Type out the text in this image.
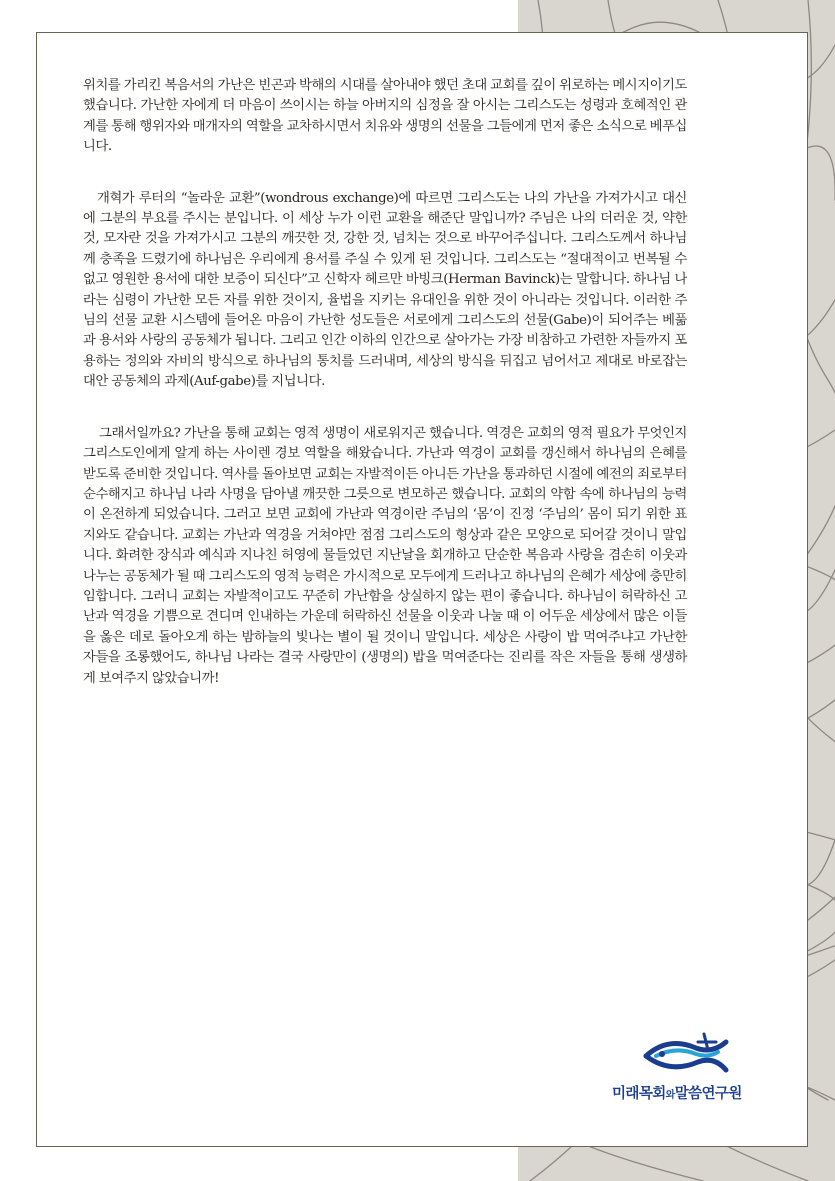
위치를 가리킨 복음서의 가난은 빈곤과 박해의 시대를 살아내야 했던 초대 교회를 깊이 위로하는 메시지이기도 했습니다. 가난한 자에게 더 마음이 쓰이시는 하늘 아버지의 심정을 잘 아시는 그리스도는 성령과 호혜적인 관계를 통해 행위자와 매개자의 역할을 교차하시면서 치유와 생명의 선물을 그들에게 먼저 좋은 소식으로 베푸십니다.

개혁가 루터의 “놀라운 교환”(wondrous exchange)에 따르면 그리스도는 나의 가난을 가져가시고 대신에 그분의 부요를 주시는 분입니다. 이 세상 누가 이런 교환을 해준단 말입니까? 주님은 나의 더러운 것, 약한 것, 모자란 것을 가져가시고 그분의 깨끗한 것, 강한 것, 넘치는 것으로 바꾸어주십니다. 그리스도께서 하나님께 충족을 드렸기에 하나님은 우리에게 용서를 주실 수 있게 된 것입니다. 그리스도는 “절대적이고 번복될 수 없고 영원한 용서에 대한 보증이 되신다”고 신학자 헤르만 바빙크(Herman Bavinck)는 말합니다. 하나님 나라는 심령이 가난한 모든 자를 위한 것이지, 율법을 지키는 유대인을 위한 것이 아니라는 것입니다. 이러한 주님의 선물 교환 시스템에 들어온 마음이 가난한 성도들은 서로에게 그리스도의 선물(Gabe)이 되어주는 베풂과 용서와 사랑의 공동체가 됩니다. 그리고 인간 이하의 인간으로 살아가는 가장 비참하고 가련한 자들까지 포용하는 정의와 자비의 방식으로 하나님의 통치를 드러내며, 세상의 방식을 뒤집고 넘어서고 제대로 바로잡는 대안 공동체의 과제(Auf-gabe)를 지닙니다.

그래서일까요? 가난을 통해 교회는 영적 생명이 새로워지곤 했습니다. 역경은 교회의 영적 필요가 무엇인지 그리스도인에게 알게 하는 사이렌 경보 역할을 해왔습니다. 가난과 역경이 교회를 갱신해서 하나님의 은혜를 받도록 준비한 것입니다. 역사를 돌아보면 교회는 자발적이든 아니든 가난을 통과하던 시절에 예전의 죄로부터 순수해지고 하나님 나라 사명을 담아낼 깨끗한 그릇으로 변모하곤 했습니다. 교회의 약함 속에 하나님의 능력이 온전하게 되었습니다. 그러고 보면 교회에 가난과 역경이란 주님의 ‘몸’이 진정 ‘주님의’ 몸이 되기 위한 표지와도 같습니다. 교회는 가난과 역경을 거쳐야만 점점 그리스도의 형상과 같은 모양으로 되어갈 것이니 말입니다. 화려한 장식과 예식과 지나친 허영에 물들었던 지난날을 회개하고 단순한 복음과 사랑을 겸손히 이웃과 나누는 공동체가 될 때 그리스도의 영적 능력은 가시적으로 모두에게 드러나고 하나님의 은혜가 세상에 충만히 임합니다. 그러니 교회는 자발적이고도 꾸준히 가난함을 상실하지 않는 편이 좋습니다. 하나님이 허락하신 고난과 역경을 기쁨으로 견디며 인내하는 가운데 허락하신 선물을 이웃과 나눌 때 이 어두운 세상에서 많은 이들을 옳은 데로 돌아오게 하는 밤하늘의 빛나는 별이 될 것이니 말입니다. 세상은 사랑이 밥 먹여주냐고 가난한 자들을 조롱했어도, 하나님 나라는 결국 사랑만이 (생명의) 밥을 먹여준다는 진리를 작은 자들을 통해 생생하게 보여주지 않았습니까!

미래목회와말씀연구원
